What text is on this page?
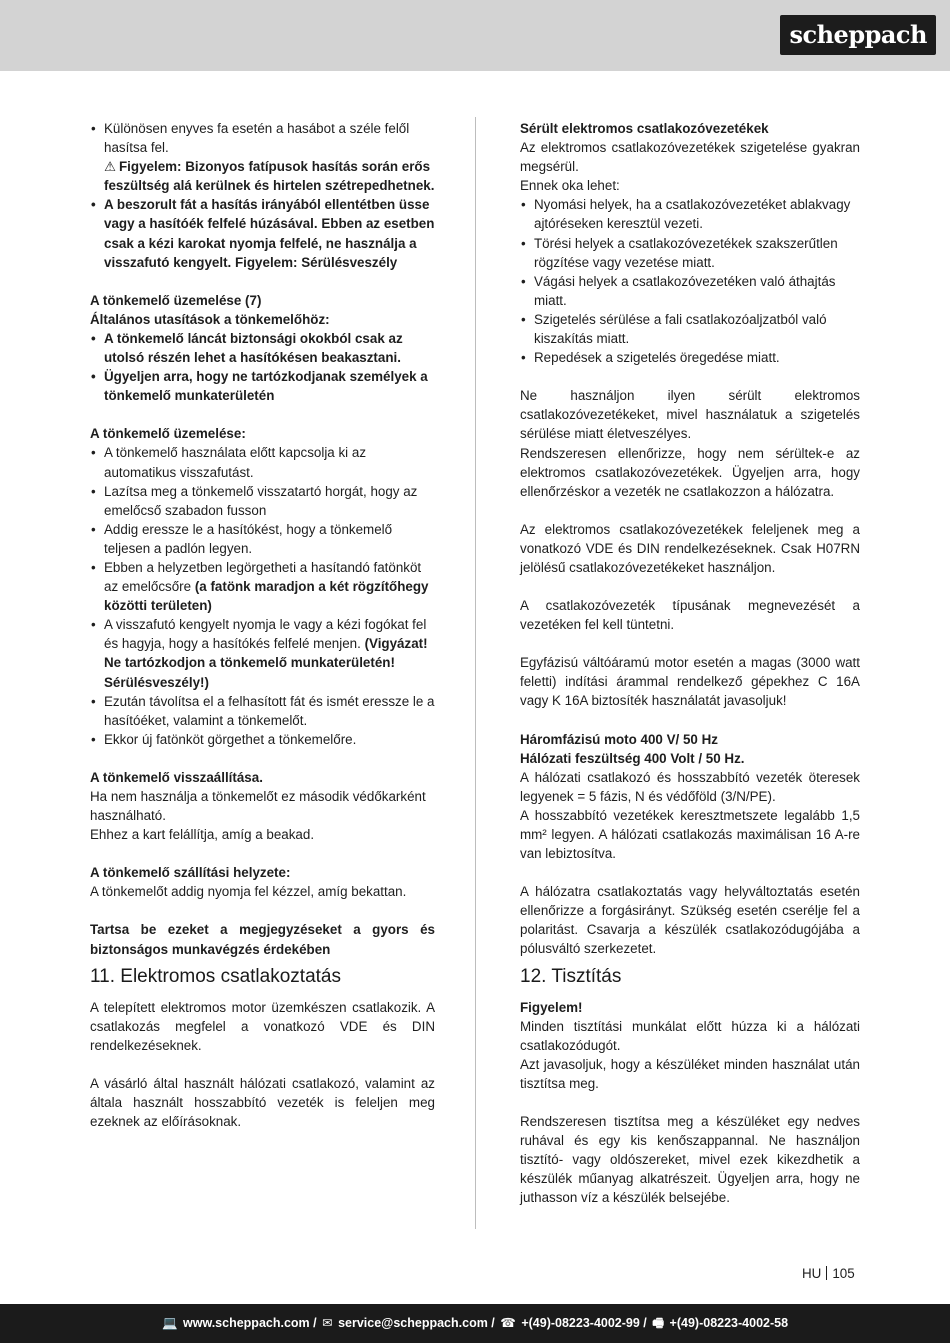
scheppach
• Különösen enyves fa esetén a hasábot a széle felől hasítsa fel.

⚠ Figyelem: Bizonyos fatípusok hasítás során erős feszültség alá kerülnek és hirtelen szétrepedhetnek.

• A beszorult fát a hasítás irányából ellentétben üsse vagy a hasítóék felfelé húzásával. Ebben az esetben csak a kézi karokat nyomja felfelé, ne használja a visszafutó kengyelt. Figyelem: Sérülésveszély

A tönkemelő üzemelése (7)

Általános utasítások a tönkemelőhöz:

• A tönkemelő láncát biztonsági okokból csak az utolsó részén lehet a hasítókésen beakasztani.
• Ügyeljen arra, hogy ne tartózkodjanak személyek a tönkemelő munkaterületén

A tönkemelő üzemelése:

• A tönkemelő használata előtt kapcsolja ki az automatikus visszafutást.
• Lazítsa meg a tönkemelő visszatartó horgát, hogy az emelőcső szabadon fusson
• Addig eressze le a hasítókést, hogy a tönkemelő teljesen a padlón legyen.
• Ebben a helyzetben legörgetheti a hasítandó fatönköt az emelőcsőre (a fatönk maradjon a két rögzítőhegy közötti területen)
• A visszafutó kengyelt nyomja le vagy a kézi fogókat fel és hagyja, hogy a hasítókés felfelé menjen. (Vigyázat! Ne tartózkodjon a tönkemelő munkaterületén! Sérülésveszély!)
• Ezután távolítsa el a felhasított fát és ismét eressze le a hasítóéket, valamint a tönkemelőt.
• Ekkor új fatönköt görgethet a tönkemelőre.

A tönkemelő visszaállítása.

Ha nem használja a tönkemelőt ez második védőkarként használható.

Ehhez a kart felállítja, amíg a beakad.

A tönkemelő szállítási helyzete:

A tönkemelőt addig nyomja fel kézzel, amíg bekattan.

Tartsa be ezeket a megjegyzéseket a gyors és biztonságos munkavégzés érdekében

11. Elektromos csatlakoztatás

A telepített elektromos motor üzemkészen csatlakozik. A csatlakozás megfelel a vonatkozó VDE és DIN rendelkezéseknek.

A vásárló által használt hálózati csatlakozó, valamint az általa használt hosszabbító vezeték is feleljen meg ezeknek az előírásoknak.

Sérült elektromos csatlakozóvezetékek

Az elektromos csatlakozóvezetékek szigetelése gyakran megsérül.

Ennek oka lehet:

• Nyomási helyek, ha a csatlakozóvezetéket ablakvagy ajtóréseken keresztül vezeti.
• Törési helyek a csatlakozóvezetékek szakszerűtlen rögzítése vagy vezetése miatt.
• Vágási helyek a csatlakozóvezetéken való áthajtás miatt.
• Szigetelés sérülése a fali csatlakozóaljzatból való kiszakítás miatt.
• Repedések a szigetelés öregedése miatt.

Ne használjon ilyen sérült elektromos csatlakozóvezetékeket, mivel használatuk a szigetelés sérülése miatt életveszélyes.

Rendszeresen ellenőrizze, hogy nem sérültek-e az elektromos csatlakozóvezetékek. Ügyeljen arra, hogy ellenőrzéskor a vezeték ne csatlakozzon a hálózatra.

Az elektromos csatlakozóvezetékek feleljenek meg a vonatkozó VDE és DIN rendelkezéseknek. Csak H07RN jelölésű csatlakozóvezetékeket használjon.

A csatlakozóvezeték típusának megnevezését a vezetéken fel kell tüntetni.

Egyfázisú váltóáramú motor esetén a magas (3000 watt feletti) indítási árammal rendelkező gépekhez C 16A vagy K 16A biztosíték használatát javasoljuk!

Háromfázisú moto 400 V/ 50 Hz

Hálózati feszültség 400 Volt / 50 Hz.

A hálózati csatlakozó és hosszabbító vezeték öteresek legyenek = 5 fázis, N és védőföld (3/N/PE).

A hosszabbító vezetékek keresztmetszete legalább 1,5 mm² legyen. A hálózati csatlakozás maximálisan 16 A-re van lebiztosítva.

A hálózatra csatlakoztatás vagy helyváltoztatás esetén ellenőrizze a forgásirányt. Szükség esetén cserélje fel a polaritást. Csavarja a készülék csatlakozódugójába a pólusváltó szerkezetet.

12. Tisztítás

Figyelem!

Minden tisztítási munkálat előtt húzza ki a hálózati csatlakozódugót.

Azt javasoljuk, hogy a készüléket minden használat után tisztítsa meg.

Rendszeresen tisztítsa meg a készüléket egy nedves ruhával és egy kis kenőszappannal. Ne használjon tisztító- vagy oldószereket, mivel ezek kikezdhetik a készülék műanyag alkatrészeit. Ügyeljen arra, hogy ne juthasson víz a készülék belsejébe.

HU 105
💻 www.scheppach.com / ✉ service@scheppach.com / ☎ +(49)-08223-4002-99 / 🖷 +(49)-08223-4002-58
